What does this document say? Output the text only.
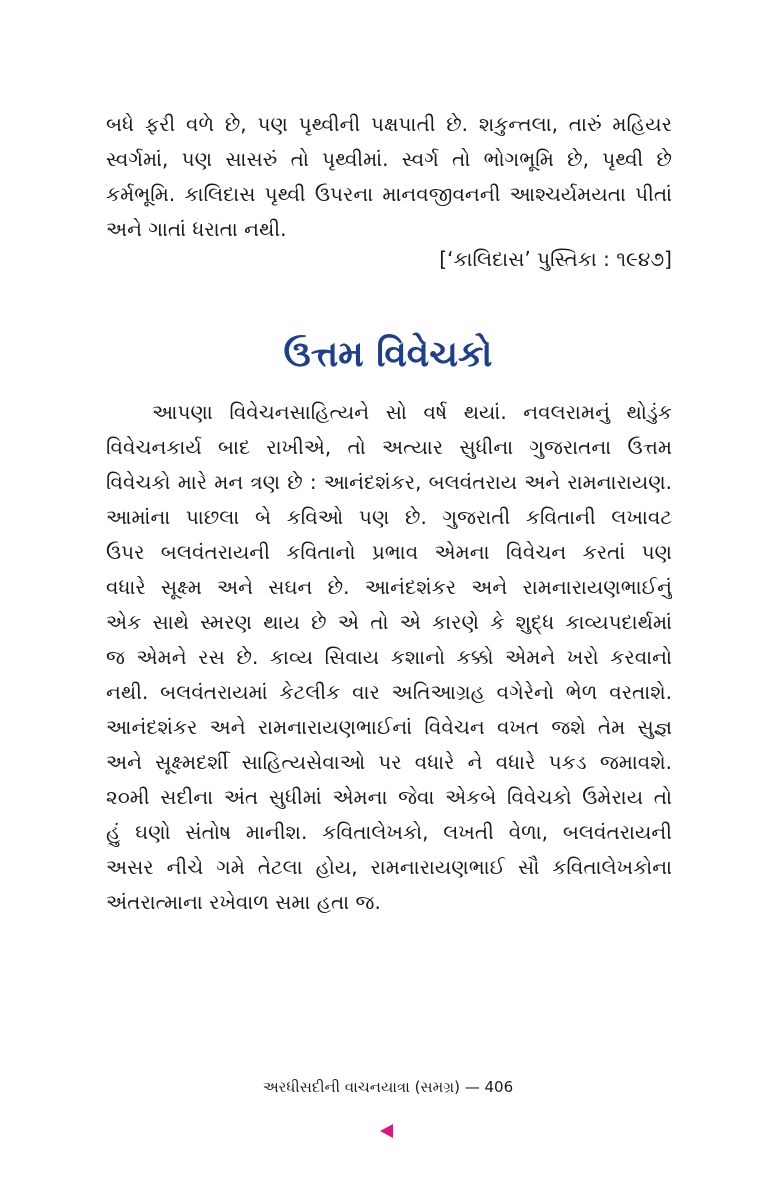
બધે ફરી વળે છે, પણ પૃથ્વીની પક્ષપાતી છે. શકુન્તલા, તારું મહિયર
સ્વર્ગમાં, પણ સાસરું તો પૃથ્વીમાં. સ્વર્ગ તો ભોગભૂમિ છે, પૃથ્વી છે
કર્મભૂમિ. કાલિદાસ પૃથ્વી ઉપરના માનવજીવનની આશ્ચર્યમયતા પીતાં
અને ગાતાં ધરાતા નથી.
[‘કાલિદાસ’ પુસ્તિકા : ૧૯૪૭]
ઉત્તમ વિવેચકો
આપણા વિવેચનસાહિત્યને સો વર્ષ થયાં. નવલરામનું થોડુંક
વિવેચનકાર્ય બાદ રાખીએ, તો અત્યાર સુધીના ગુજરાતના ઉત્તમ
વિવેચકો મારે મન ત્રણ છે : આનંદશંકર, બલવંતરાય અને રામનારાયણ.
આમાંના પાછલા બે કવિઓ પણ છે. ગુજરાતી કવિતાની લખાવટ
ઉપર બલવંતરાયની કવિતાનો પ્રભાવ એમના વિવેચન કરતાં પણ
વધારે સૂક્ષ્મ અને સઘન છે. આનંદશંકર અને રામનારાયણભાઈનું
એક સાથે સ્મરણ થાય છે એ તો એ કારણે કે શુદ્ધ કાવ્યપદાર્થમાં
જ એમને રસ છે. કાવ્ય સિવાય કશાનો કક્કો એમને ખરો કરવાનો
નથી. બલવંતરાયમાં કેટલીક વાર અતિઆગ્રહ વગેરેનો ભેળ વરતાશે.
આનંદશંકર અને રામનારાયણભાઈનાં વિવેચન વખત જશે તેમ સુજ્ઞ
અને સૂક્ષ્મદર્શી સાહિત્યસેવાઓ પર વધારે ને વધારે પકડ જમાવશે.
૨૦મી સદીના અંત સુધીમાં એમના જેવા એકબે વિવેચકો ઉમેરાય તો
હું ઘણો સંતોષ માનીશ. કવિતાલેખકો, લખતી વેળા, બલવંતરાયની
અસર નીચે ગમે તેટલા હોય, રામનારાયણભાઈ સૌ કવિતાલેખકોના
અંતરાત્માના રખેવાળ સમા હતા જ.
અરધીસદીની વાચનયાત્રા (સમગ્ર) — 406
